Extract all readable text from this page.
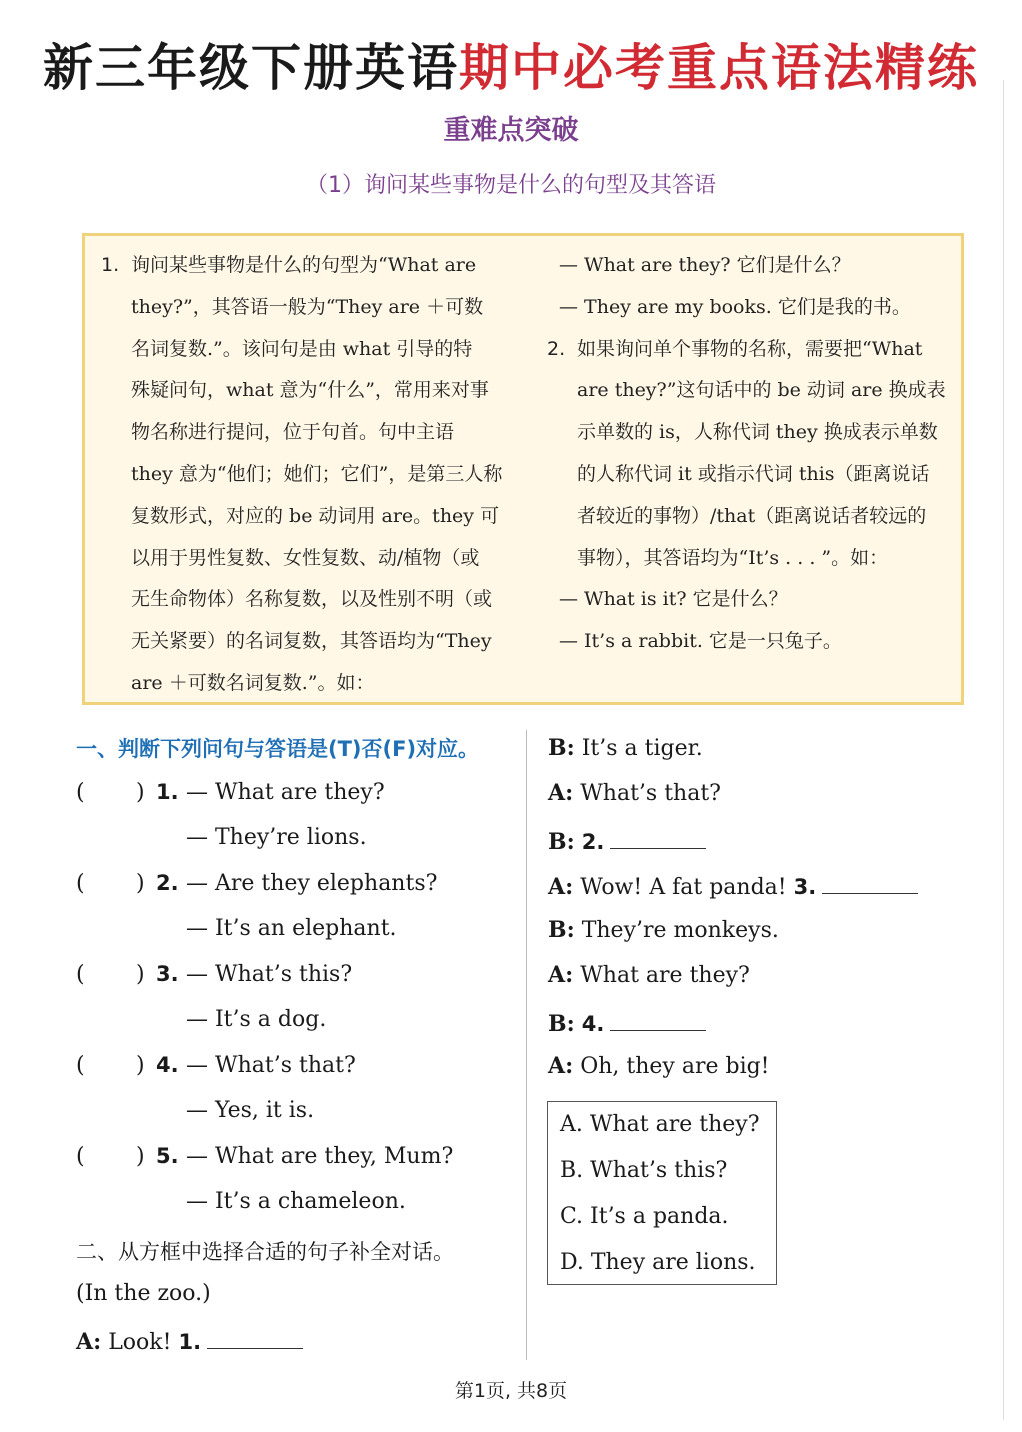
新三年级下册英语期中必考重点语法精练
重难点突破
（1）询问某些事物是什么的句型及其答语
1. 询问某些事物是什么的句型为“What are

they?”，其答语一般为“They are ＋可数

名词复数.”。该问句是由 what 引导的特

殊疑问句，what 意为“什么”，常用来对事

物名称进行提问，位于句首。句中主语

they 意为“他们；她们；它们”，是第三人称

复数形式，对应的 be 动词用 are。they 可

以用于男性复数、女性复数、动/植物（或

无生命物体）名称复数，以及性别不明（或

无关紧要）的名词复数，其答语均为“They

are ＋可数名词复数.”。如：

— What are they? 它们是什么？

— They are my books. 它们是我的书。

2. 如果询问单个事物的名称，需要把“What

are they?”这句话中的 be 动词 are 换成表

示单数的 is，人称代词 they 换成表示单数

的人称代词 it 或指示代词 this（距离说话

者较近的事物）/that（距离说话者较远的

事物），其答语均为“It’s . . . ”。如：

— What is it? 它是什么？

— It’s a rabbit. 它是一只兔子。

一、判断下列问句与答语是(T)否(F)对应。
( ) 1. — What are they?
— They’re lions.
( ) 2. — Are they elephants?
— It’s an elephant.
( ) 3. — What’s this?
— It’s a dog.
( ) 4. — What’s that?
— Yes, it is.
( ) 5. — What are they, Mum?
— It’s a chameleon.
二、从方框中选择合适的句子补全对话。
(In the zoo.)
A: Look! 1.
B: It’s a tiger.
A: What’s that?
B: 2.
A: Wow! A fat panda! 3.
B: They’re monkeys.
A: What are they?
B: 4.
A: Oh, they are big!
A. What are they?
B. What’s this?
C. It’s a panda.
D. They are lions.
第1页, 共8页
